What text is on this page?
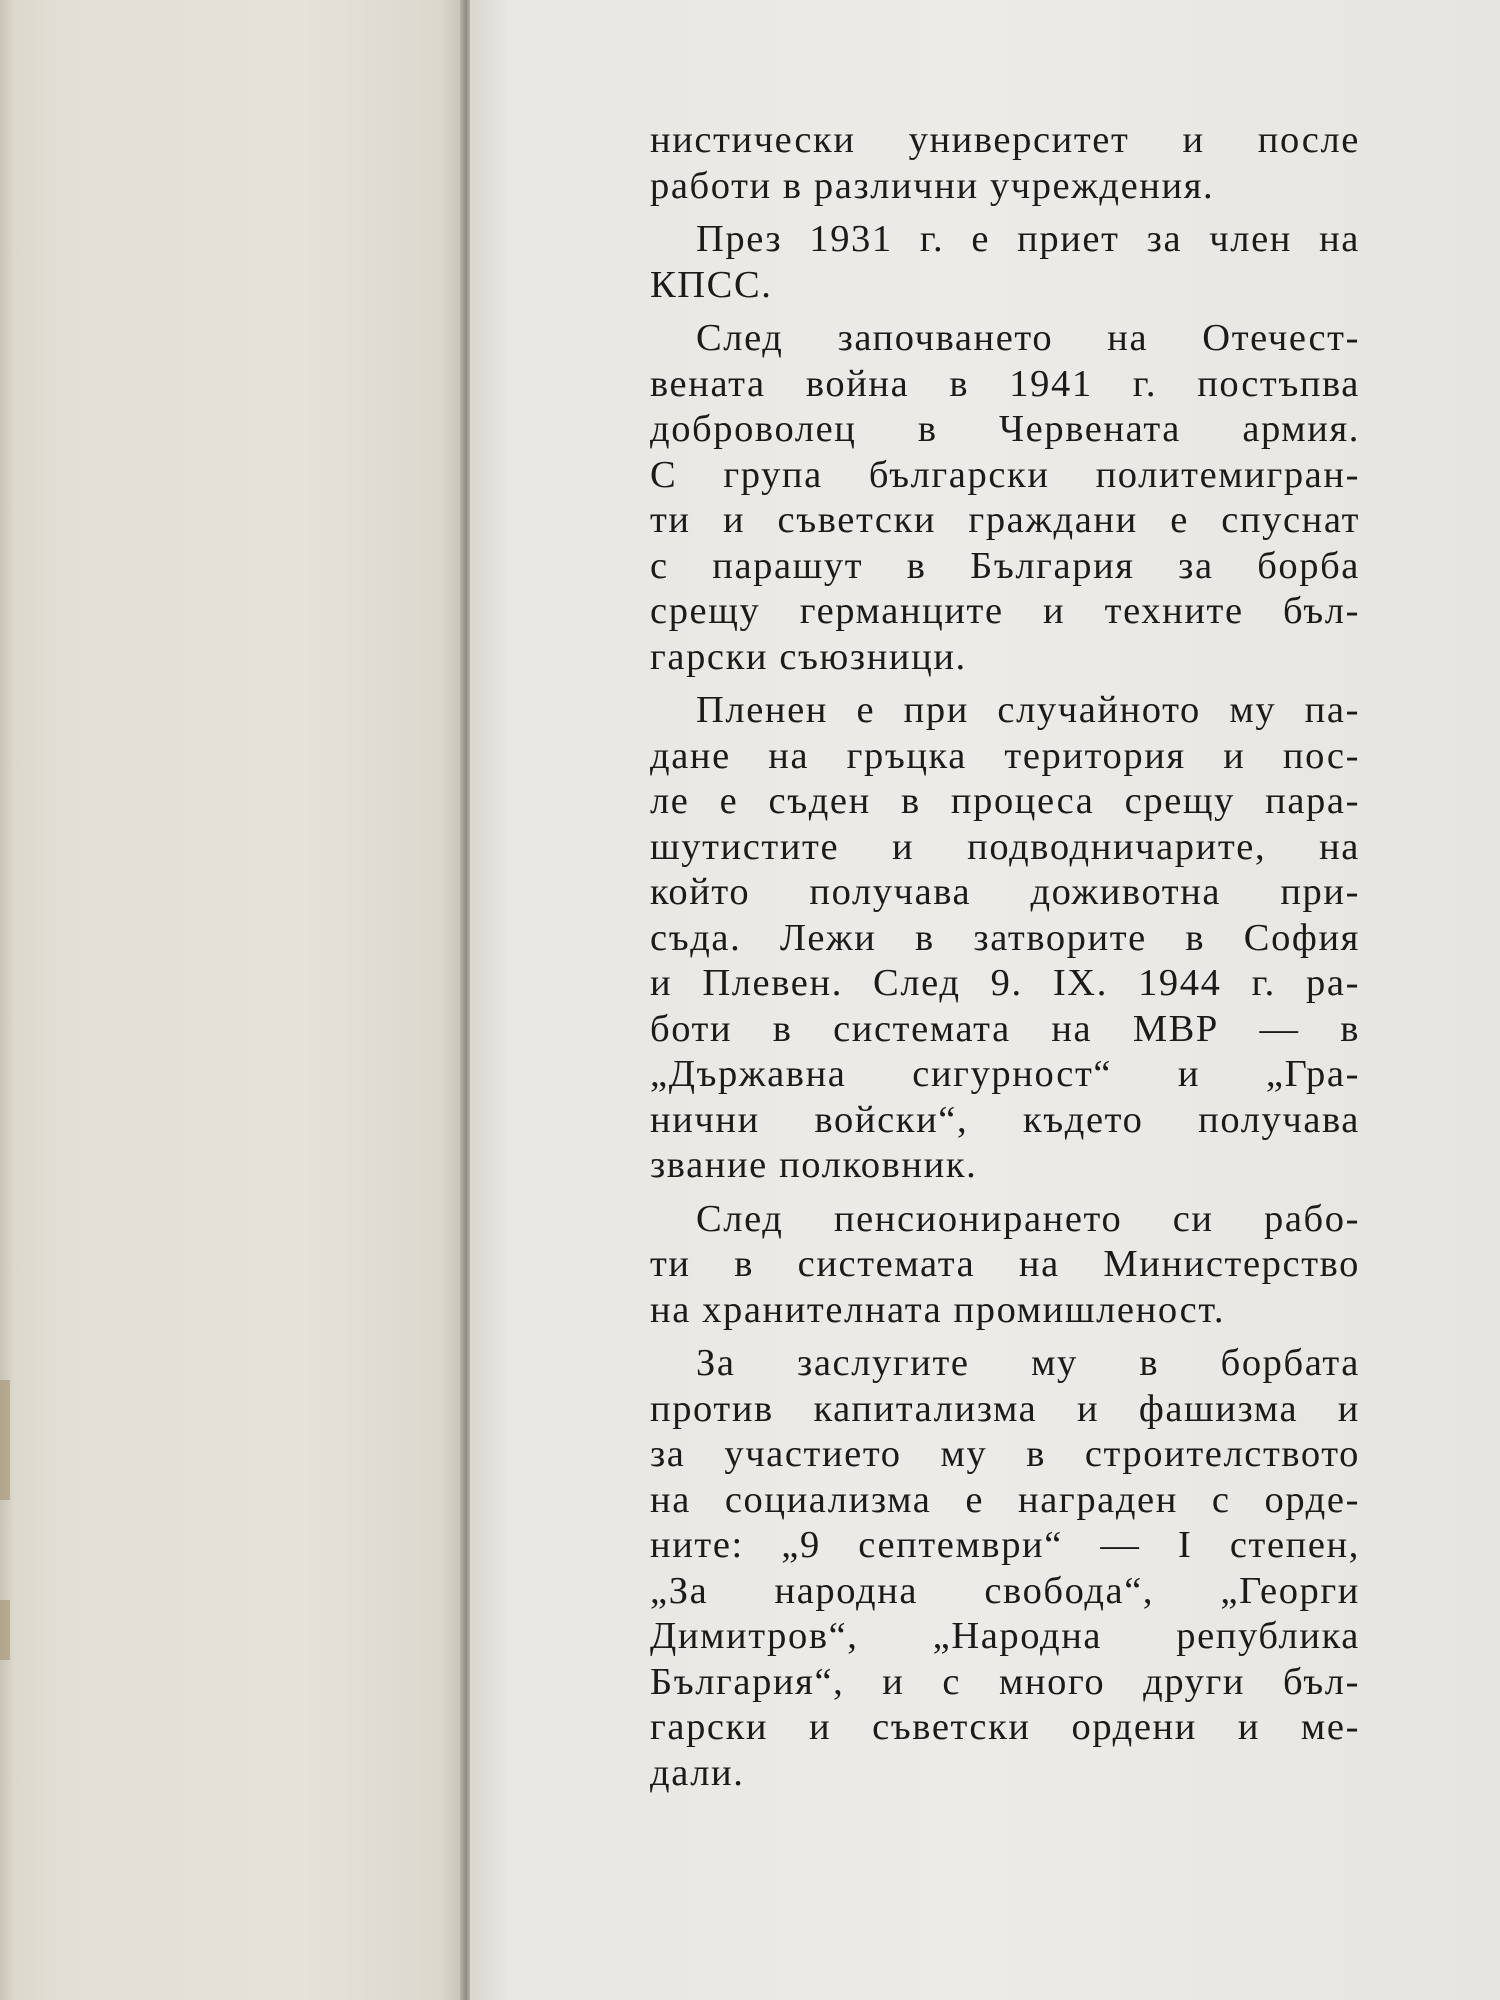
нистически университет и после
работи в различни учреждения.
През 1931 г. е приет за член на
КПСС.
След започването на Отечест-
вената война в 1941 г. постъпва
доброволец в Червената армия.
С група български политемигран-
ти и съветски граждани е спуснат
с парашут в България за борба
срещу германците и техните бъл-
гарски съюзници.
Пленен е при случайното му па-
дане на гръцка територия и пос-
ле е съден в процеса срещу пара-
шутистите и подводничарите, на
който получава доживотна при-
съда. Лежи в затворите в София
и Плевен. След 9. IX. 1944 г. ра-
боти в системата на МВР — в
„Държавна сигурност“ и „Гра-
нични войски“, където получава
звание полковник.
След пенсионирането си рабо-
ти в системата на Министерство
на хранителната промишленост.
За заслугите му в борбата
против капитализма и фашизма и
за участието му в строителството
на социализма е награден с орде-
ните: „9 септември“ — I степен,
„За народна свобода“, „Георги
Димитров“, „Народна република
България“, и с много други бъл-
гарски и съветски ордени и ме-
дали.
